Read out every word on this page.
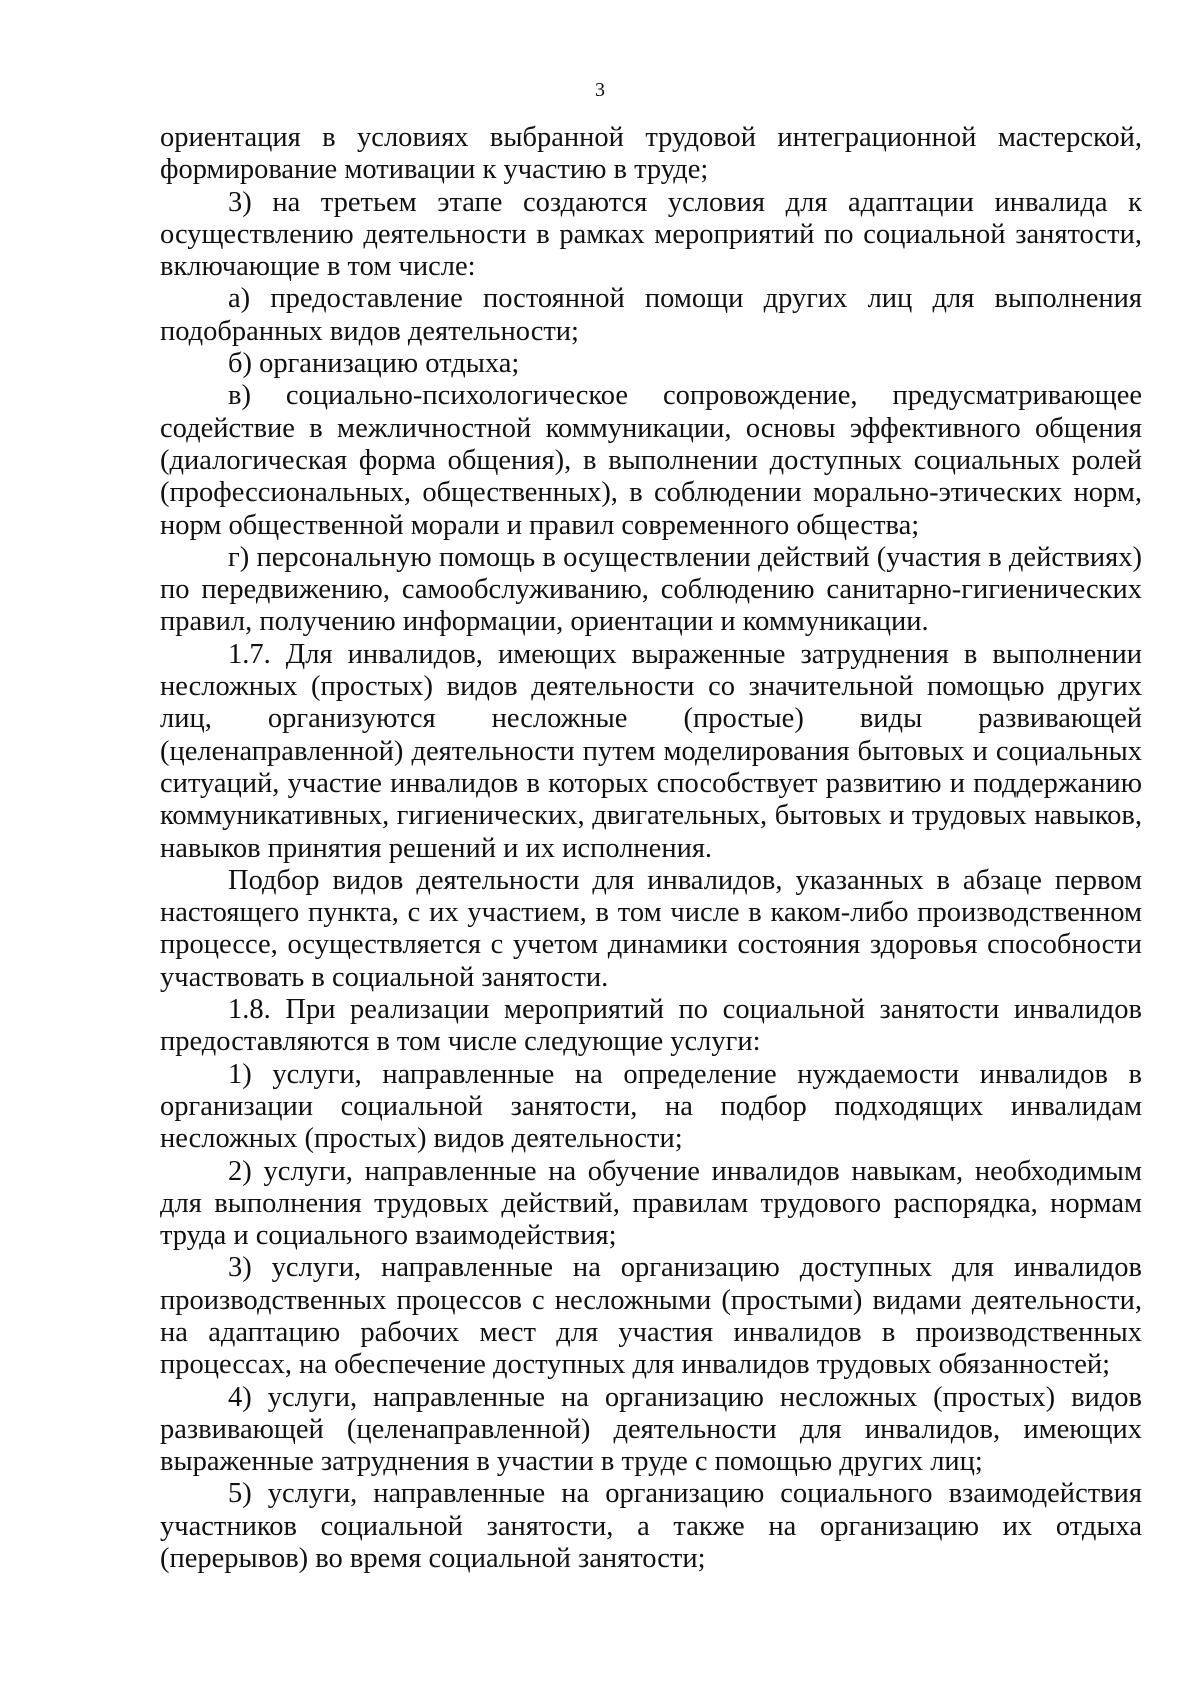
3

ориентация в условиях выбранной трудовой интеграционной мастерской, формирование мотивации к участию в труде;

3) на третьем этапе создаются условия для адаптации инвалида к осуществлению деятельности в рамках мероприятий по социальной занятости, включающие в том числе:

а) предоставление постоянной помощи других лиц для выполнения подобранных видов деятельности;

б) организацию отдыха;

в) социально-психологическое сопровождение, предусматривающее содействие в межличностной коммуникации, основы эффективного общения (диалогическая форма общения), в выполнении доступных социальных ролей (профессиональных, общественных), в соблюдении морально-этических норм, норм общественной морали и правил современного общества;

г) персональную помощь в осуществлении действий (участия в действиях) по передвижению, самообслуживанию, соблюдению санитарно-гигиенических правил, получению информации, ориентации и коммуникации.

1.7. Для инвалидов, имеющих выраженные затруднения в выполнении несложных (простых) видов деятельности со значительной помощью других лиц, организуются несложные (простые) виды развивающей (целенаправленной) деятельности путем моделирования бытовых и социальных ситуаций, участие инвалидов в которых способствует развитию и поддержанию коммуникативных, гигиенических, двигательных, бытовых и трудовых навыков, навыков принятия решений и их исполнения.

Подбор видов деятельности для инвалидов, указанных в абзаце первом настоящего пункта, с их участием, в том числе в каком-либо производственном процессе, осуществляется с учетом динамики состояния здоровья способности участвовать в социальной занятости.

1.8. При реализации мероприятий по социальной занятости инвалидов предоставляются в том числе следующие услуги:

1) услуги, направленные на определение нуждаемости инвалидов в организации социальной занятости, на подбор подходящих инвалидам несложных (простых) видов деятельности;

2) услуги, направленные на обучение инвалидов навыкам, необходимым для выполнения трудовых действий, правилам трудового распорядка, нормам труда и социального взаимодействия;

3) услуги, направленные на организацию доступных для инвалидов производственных процессов с несложными (простыми) видами деятельности, на адаптацию рабочих мест для участия инвалидов в производственных процессах, на обеспечение доступных для инвалидов трудовых обязанностей;

4) услуги, направленные на организацию несложных (простых) видов развивающей (целенаправленной) деятельности для инвалидов, имеющих выраженные затруднения в участии в труде с помощью других лиц;

5) услуги, направленные на организацию социального взаимодействия участников социальной занятости, а также на организацию их отдыха (перерывов) во время социальной занятости;
